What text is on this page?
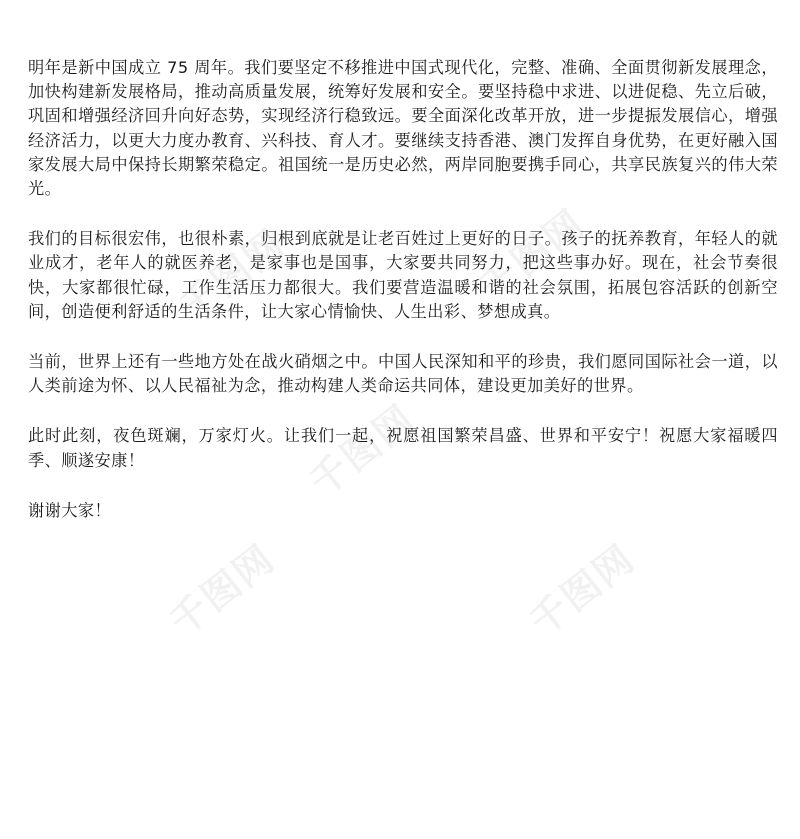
千图网	千图网
千图网
千图网	千图网

明年是新中国成立 75 周年。我们要坚定不移推进中国式现代化，完整、准确、全面贯彻新发展理念，加快构建新发展格局，推动高质量发展，统筹好发展和安全。要坚持稳中求进、以进促稳、先立后破，巩固和增强经济回升向好态势，实现经济行稳致远。要全面深化改革开放，进一步提振发展信心，增强经济活力，以更大力度办教育、兴科技、育人才。要继续支持香港、澳门发挥自身优势，在更好融入国家发展大局中保持长期繁荣稳定。祖国统一是历史必然，两岸同胞要携手同心，共享民族复兴的伟大荣光。

我们的目标很宏伟，也很朴素，归根到底就是让老百姓过上更好的日子。孩子的抚养教育，年轻人的就业成才，老年人的就医养老，是家事也是国事，大家要共同努力，把这些事办好。现在，社会节奏很快，大家都很忙碌，工作生活压力都很大。我们要营造温暖和谐的社会氛围，拓展包容活跃的创新空间，创造便利舒适的生活条件，让大家心情愉快、人生出彩、梦想成真。

当前，世界上还有一些地方处在战火硝烟之中。中国人民深知和平的珍贵，我们愿同国际社会一道，以人类前途为怀、以人民福祉为念，推动构建人类命运共同体，建设更加美好的世界。

此时此刻，夜色斑斓，万家灯火。让我们一起，祝愿祖国繁荣昌盛、世界和平安宁！祝愿大家福暖四季、顺遂安康！

谢谢大家！
